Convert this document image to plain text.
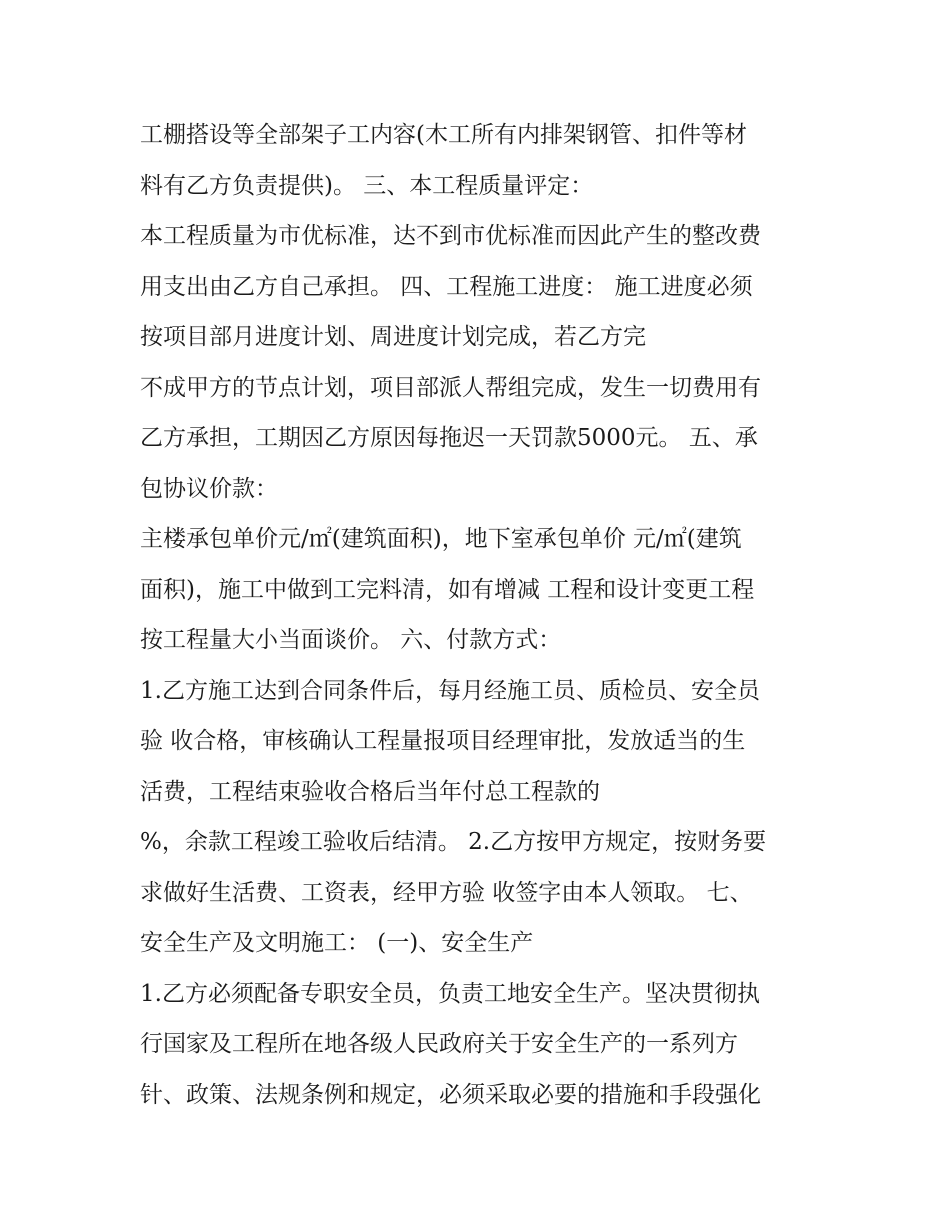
工棚搭设等全部架子工内容(木工所有内排架钢管、扣件等材
料有乙方负责提供)。 三、本工程质量评定：
本工程质量为市优标准，达不到市优标准而因此产生的整改费
用支出由乙方自己承担。 四、工程施工进度： 施工进度必须
按项目部月进度计划、周进度计划完成，若乙方完
不成甲方的节点计划，项目部派人帮组完成，发生一切费用有
乙方承担，工期因乙方原因每拖迟一天罚款5000元。 五、承
包协议价款：
主楼承包单价元/㎡(建筑面积)，地下室承包单价 元/㎡(建筑
面积)，施工中做到工完料清，如有增减 工程和设计变更工程
按工程量大小当面谈价。 六、付款方式：
1.乙方施工达到合同条件后，每月经施工员、质检员、安全员
验 收合格，审核确认工程量报项目经理审批，发放适当的生
活费，工程结束验收合格后当年付总工程款的
%，余款工程竣工验收后结清。 2.乙方按甲方规定，按财务要
求做好生活费、工资表，经甲方验 收签字由本人领取。 七、
安全生产及文明施工： (一)、安全生产
1.乙方必须配备专职安全员，负责工地安全生产。坚决贯彻执
行国家及工程所在地各级人民政府关于安全生产的一系列方
针、政策、法规条例和规定，必须采取必要的措施和手段强化
